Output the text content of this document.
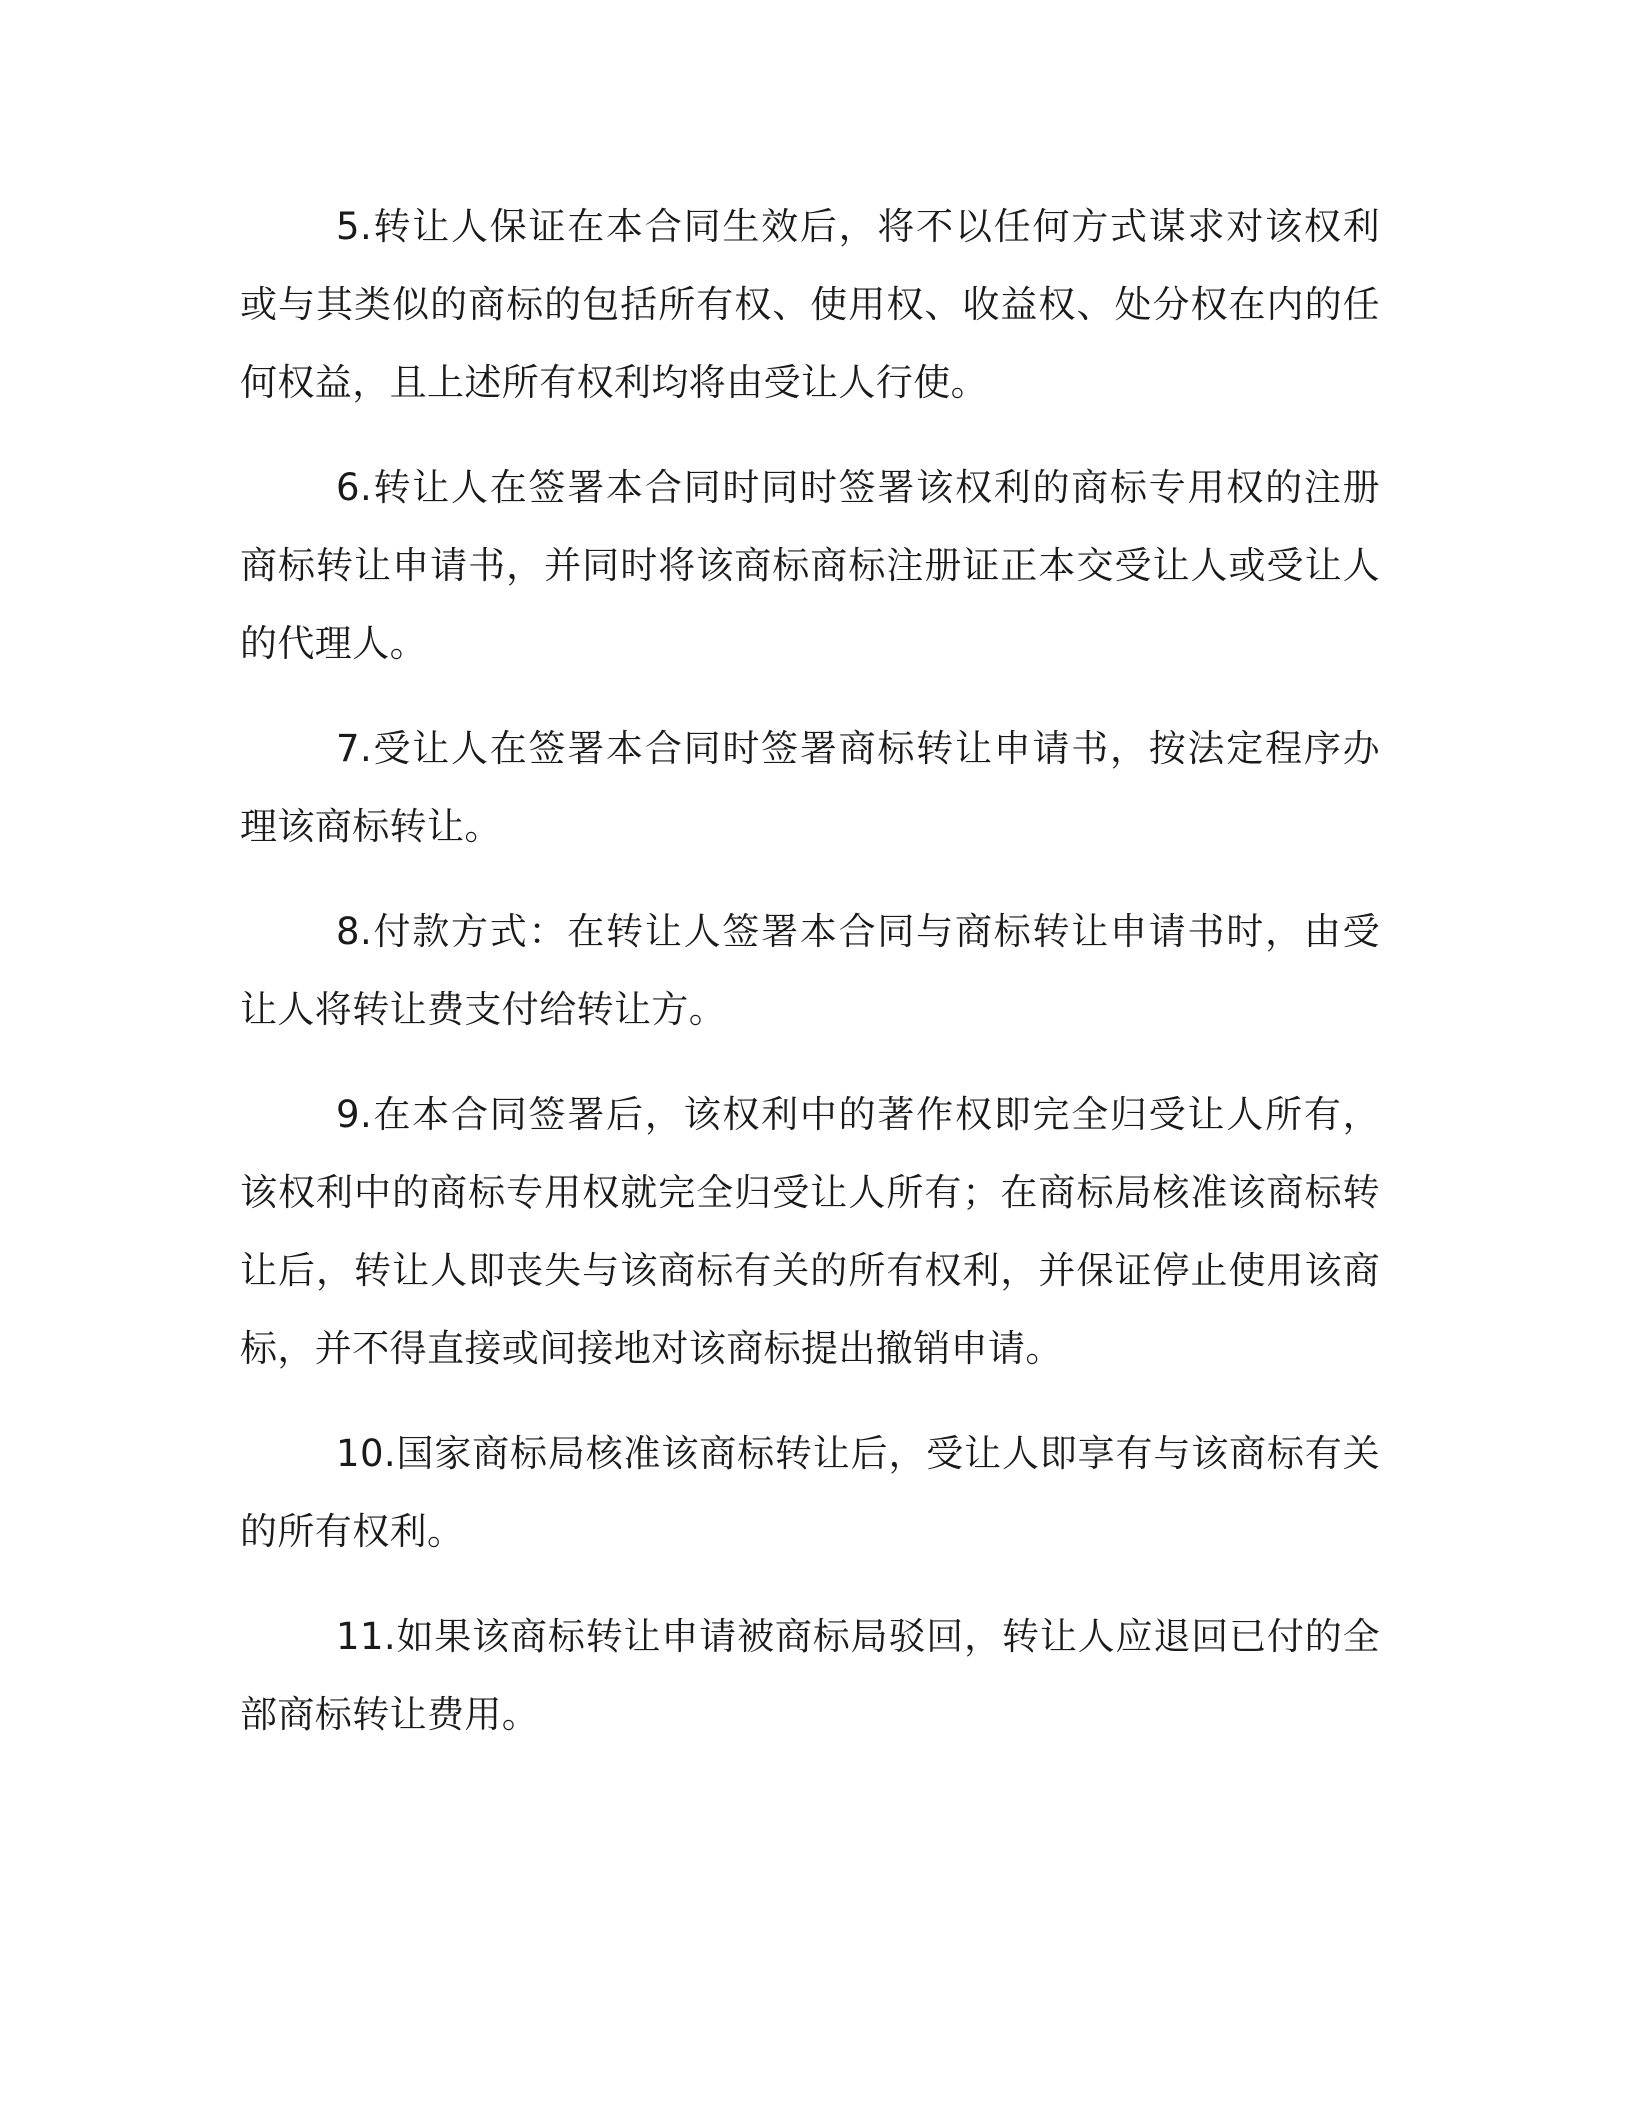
5.转让人保证在本合同生效后，将不以任何方式谋求对该权利或与其类似的商标的包括所有权、使用权、收益权、处分权在内的任何权益，且上述所有权利均将由受让人行使。

6.转让人在签署本合同时同时签署该权利的商标专用权的注册商标转让申请书，并同时将该商标商标注册证正本交受让人或受让人的代理人。

7.受让人在签署本合同时签署商标转让申请书，按法定程序办理该商标转让。

8.付款方式：在转让人签署本合同与商标转让申请书时，由受让人将转让费支付给转让方。

9.在本合同签署后，该权利中的著作权即完全归受让人所有，该权利中的商标专用权就完全归受让人所有；在商标局核准该商标转让后，转让人即丧失与该商标有关的所有权利，并保证停止使用该商标，并不得直接或间接地对该商标提出撤销申请。

10.国家商标局核准该商标转让后，受让人即享有与该商标有关的所有权利。

11.如果该商标转让申请被商标局驳回，转让人应退回已付的全部商标转让费用。
